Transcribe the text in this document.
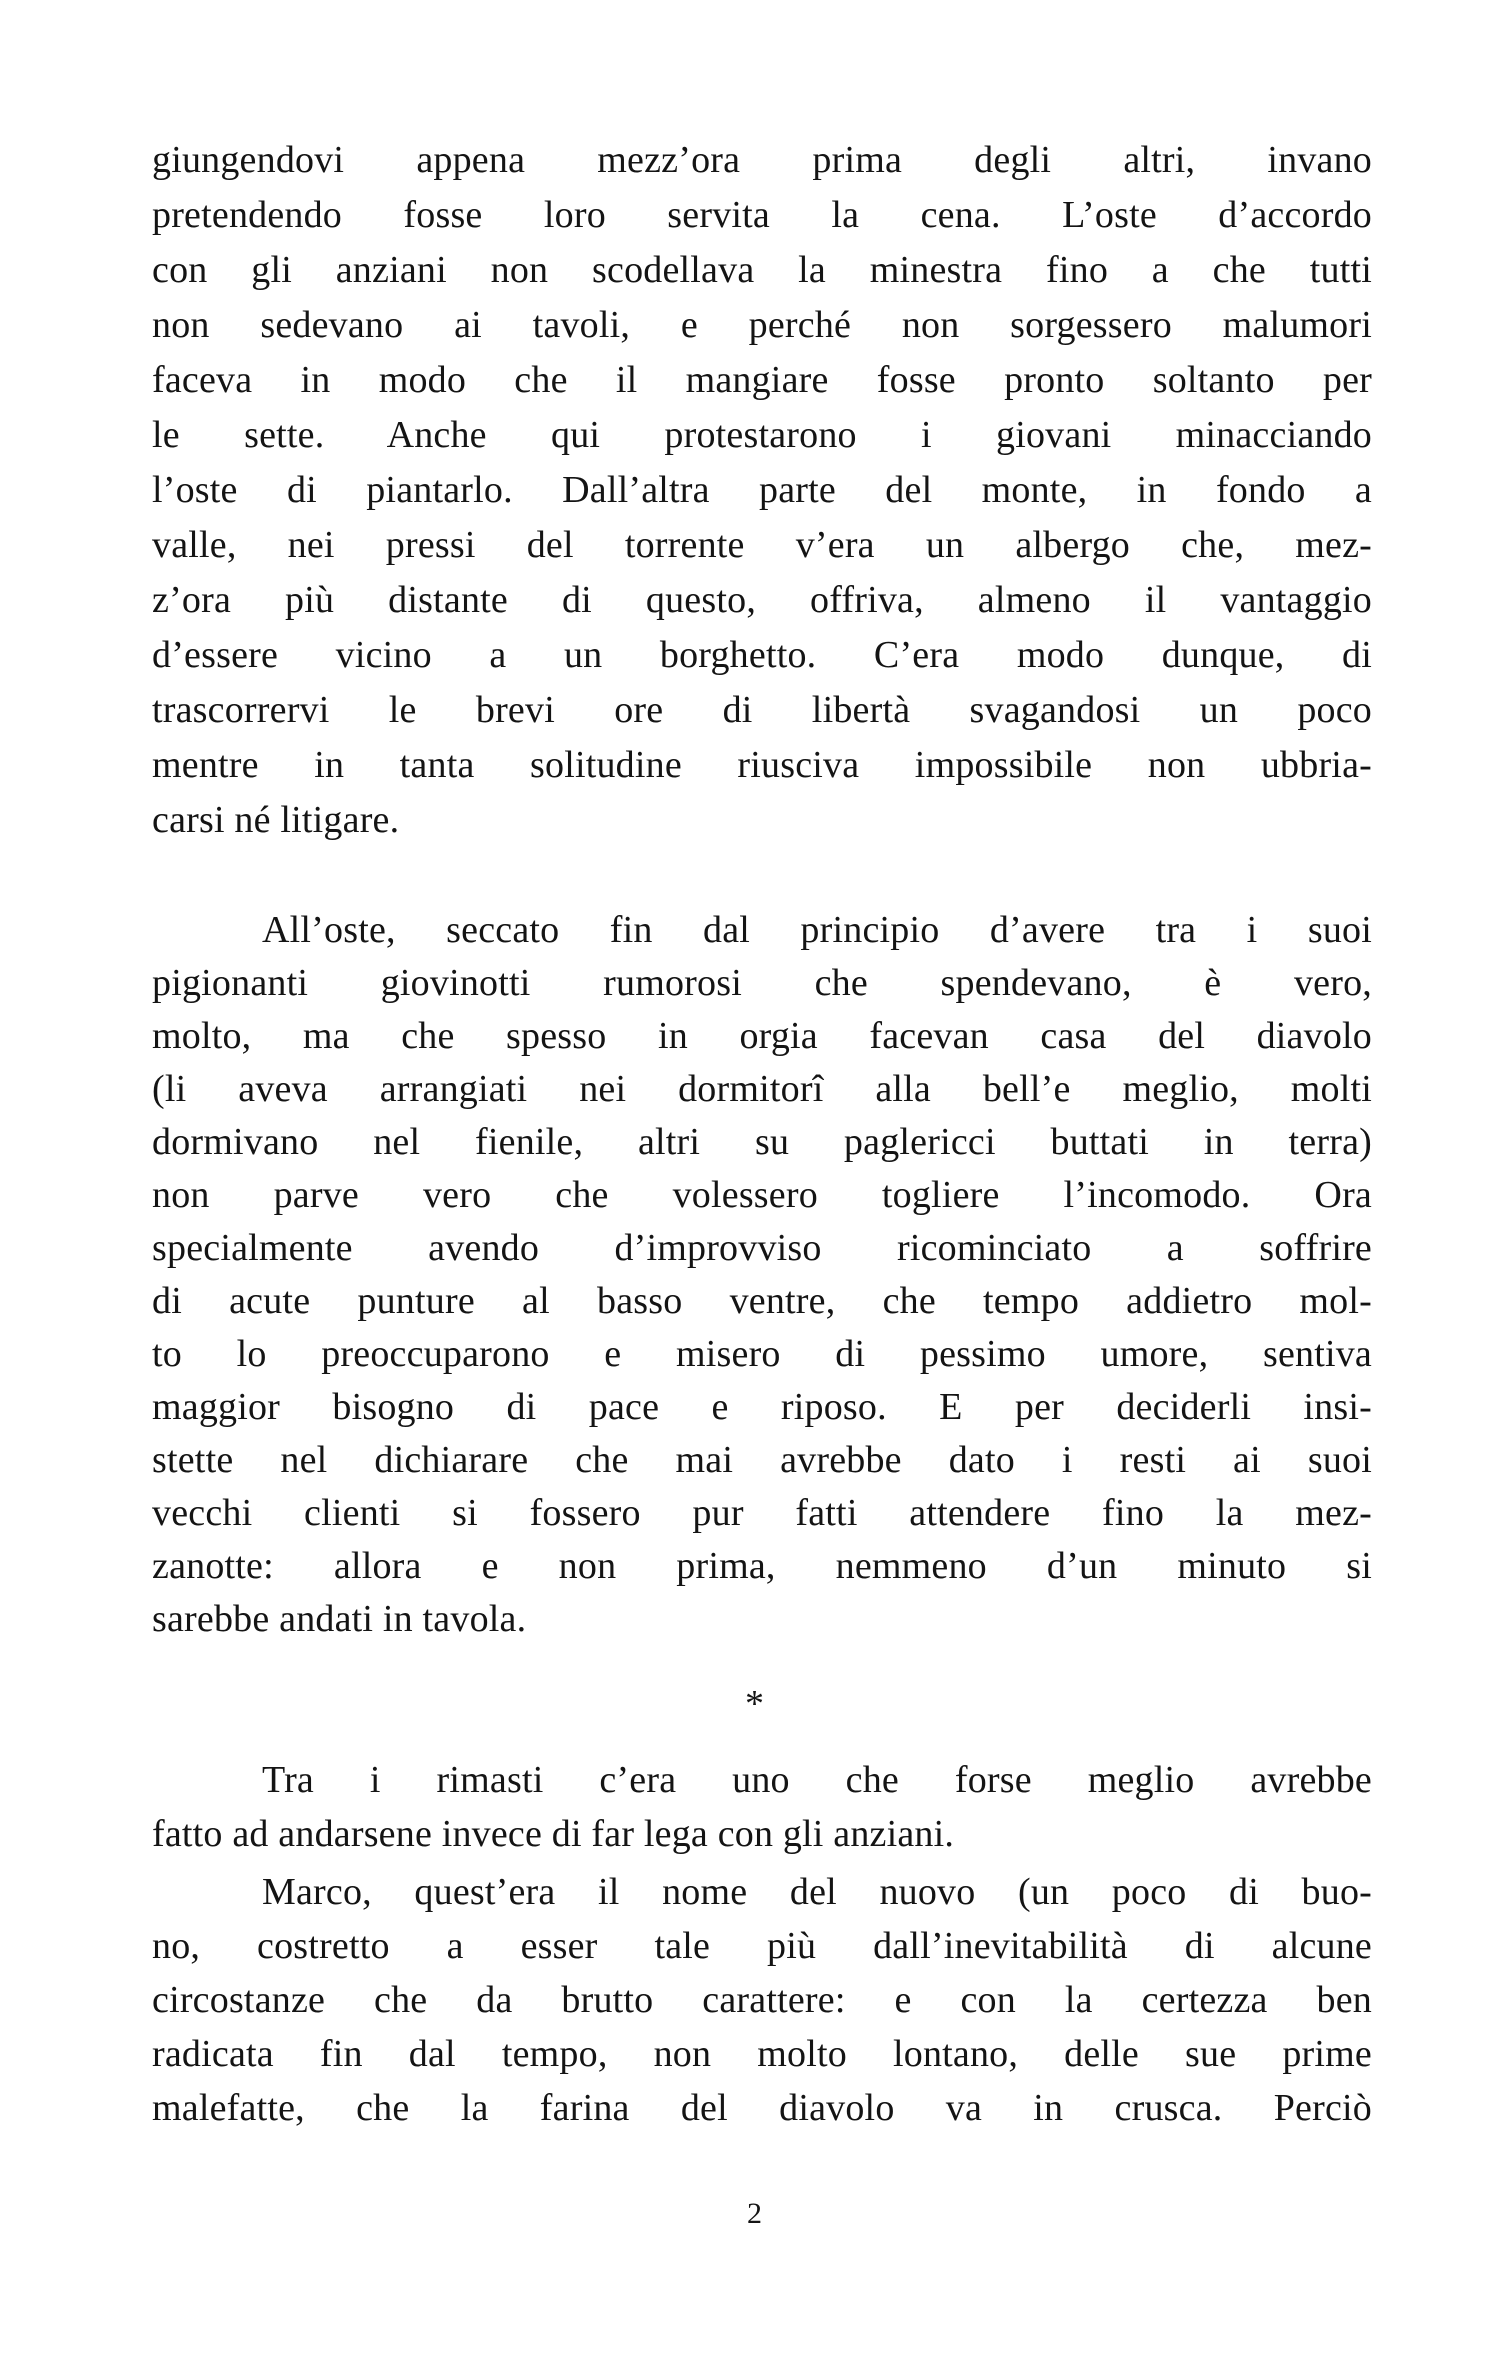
giungendovi appena mezz’ora prima degli altri, invano
pretendendo fosse loro servita la cena. L’oste d’accordo
con gli anziani non scodellava la minestra fino a che tutti
non sedevano ai tavoli, e perché non sorgessero malumori
faceva in modo che il mangiare fosse pronto soltanto per
le sette. Anche qui protestarono i giovani minacciando
l’oste di piantarlo. Dall’altra parte del monte, in fondo a
valle, nei pressi del torrente v’era un albergo che, mez-
z’ora più distante di questo, offriva, almeno il vantaggio
d’essere vicino a un borghetto. C’era modo dunque, di
trascorrervi le brevi ore di libertà svagandosi un poco
mentre in tanta solitudine riusciva impossibile non ubbria-
carsi né litigare.
All’oste, seccato fin dal principio d’avere tra i suoi
pigionanti giovinotti rumorosi che spendevano, è vero,
molto, ma che spesso in orgia facevan casa del diavolo
(li aveva arrangiati nei dormitorî alla bell’e meglio, molti
dormivano nel fienile, altri su paglericci buttati in terra)
non parve vero che volessero togliere l’incomodo. Ora
specialmente avendo d’improvviso ricominciato a soffrire
di acute punture al basso ventre, che tempo addietro mol-
to lo preoccuparono e misero di pessimo umore, sentiva
maggior bisogno di pace e riposo. E per deciderli insi-
stette nel dichiarare che mai avrebbe dato i resti ai suoi
vecchi clienti si fossero pur fatti attendere fino la mez-
zanotte: allora e non prima, nemmeno d’un minuto si
sarebbe andati in tavola.
*
Tra i rimasti c’era uno che forse meglio avrebbe
fatto ad andarsene invece di far lega con gli anziani.
Marco, quest’era il nome del nuovo (un poco di buo-
no, costretto a esser tale più dall’inevitabilità di alcune
circostanze che da brutto carattere: e con la certezza ben
radicata fin dal tempo, non molto lontano, delle sue prime
malefatte, che la farina del diavolo va in crusca. Perciò
2
